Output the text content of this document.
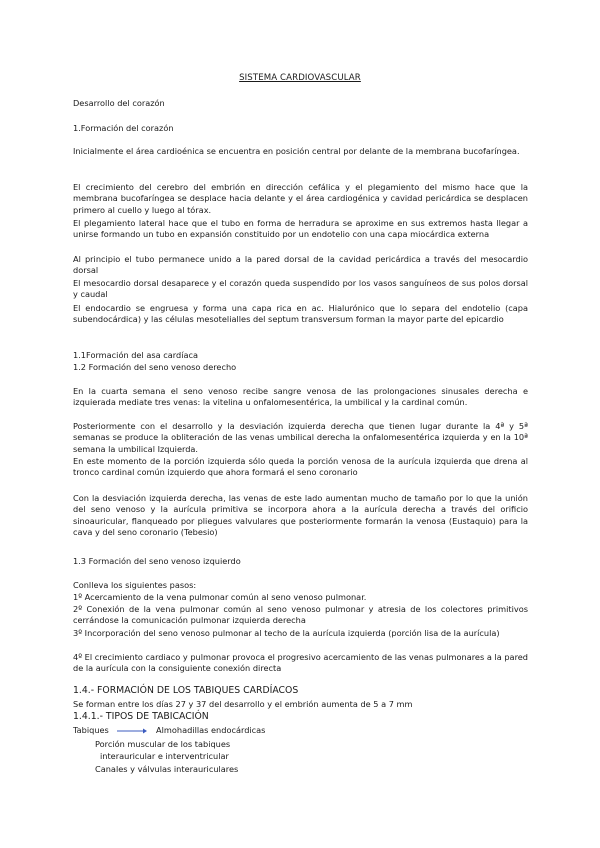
SISTEMA CARDIOVASCULAR
Desarrollo del corazón
1.Formación del corazón
Inicialmente el área cardioénica se encuentra en posición central por delante de la membrana bucofaríngea.
El crecimiento del cerebro del embrión en dirección cefálica y el plegamiento del mismo hace que la membrana bucofaríngea se desplace hacia delante y el área cardiogénica y cavidad pericárdica se desplacen primero al cuello y luego al tórax.
El plegamiento lateral hace que el tubo en forma de herradura se aproxime en sus extremos hasta llegar a unirse formando un tubo en expansión constituido por un endotelio con una capa miocárdica externa
Al principio el tubo permanece unido a la pared dorsal de la cavidad pericárdica a través del mesocardio dorsal
El mesocardio dorsal desaparece y el corazón queda suspendido por los vasos sanguíneos de sus polos dorsal y caudal
El endocardio se engruesa y forma una capa rica en ac. Hialurónico que lo separa del endotelio (capa subendocárdica) y las células mesotelialles del septum transversum forman la mayor parte del epicardio
1.1Formación del asa cardíaca
1.2 Formación del seno venoso derecho
En la cuarta semana el seno venoso recibe sangre venosa de las prolongaciones sinusales derecha e izquierada mediate tres venas: la vitelina u onfalomesentérica, la umbilical y la cardinal común.
Posteriormente con el desarrollo y la desviación izquierda derecha que tienen lugar durante la 4ª y 5ª semanas se produce la obliteración de las venas umbilical derecha la onfalomesentérica izquierda y en la 10ª semana la umbilical Izquierda.
En este momento de la porción izquierda sólo queda la porción venosa de la aurícula izquierda que drena al tronco cardinal común izquierdo que ahora formará el seno coronario
Con la desviación izquierda derecha, las venas de este lado aumentan mucho de tamaño por lo que la unión del seno venoso y la aurícula primitiva se incorpora ahora a la aurícula derecha a través del orificio sinoauricular, flanqueado por pliegues valvulares que posteriormente formarán la venosa (Eustaquio) para la cava y del seno coronario (Tebesio)
1.3 Formación del seno venoso izquierdo
Conlleva los siguientes pasos:
1º Acercamiento de la vena pulmonar común al seno venoso pulmonar.
2º Conexión de la vena pulmonar común al seno venoso pulmonar y atresia de los colectores primitivos cerrándose la comunicación pulmonar izquierda derecha
3º Incorporación del seno venoso pulmonar al techo de la aurícula izquierda (porción lisa de la aurícula)
4º El crecimiento cardiaco y pulmonar provoca el progresivo acercamiento de las venas pulmonares a la pared de la aurícula con la consiguiente conexión directa
1.4.- FORMACIÓN DE LOS TABIQUES CARDÍACOS
Se forman entre los días 27 y 37 del desarrollo y el embrión aumenta de 5 a 7 mm
1.4.1.- TIPOS DE TABICACIÓN
Tabiques	Almohadillas endocárdicas
Porción muscular de los tabiques
interauricular e interventricular
Canales y válvulas interauriculares
